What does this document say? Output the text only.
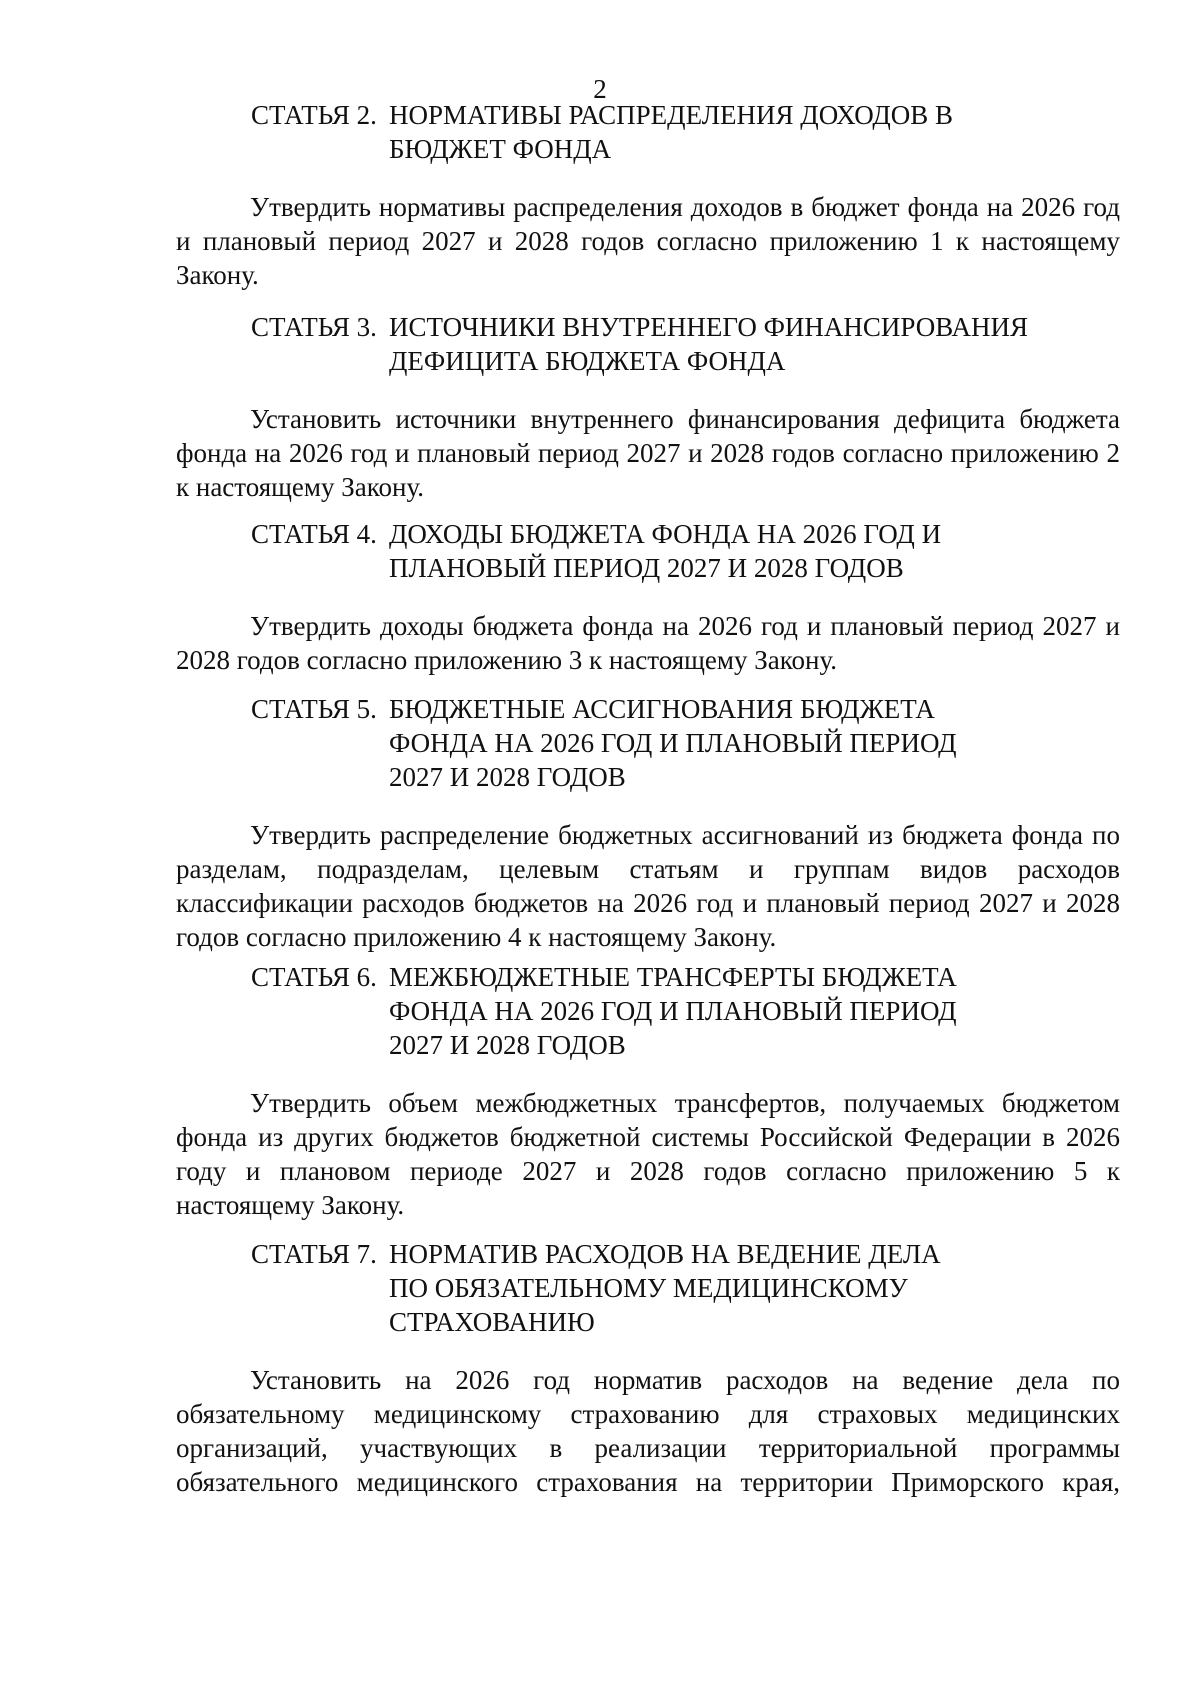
2
СТАТЬЯ 2. НОРМАТИВЫ РАСПРЕДЕЛЕНИЯ ДОХОДОВ В
БЮДЖЕТ ФОНДА

Утвердить нормативы распределения доходов в бюджет фонда на 2026 год и плановый период 2027 и 2028 годов согласно приложению 1 к настоящему Закону.

СТАТЬЯ 3. ИСТОЧНИКИ ВНУТРЕННЕГО ФИНАНСИРОВАНИЯ
ДЕФИЦИТА БЮДЖЕТА ФОНДА

Установить источники внутреннего финансирования дефицита бюджета фонда на 2026 год и плановый период 2027 и 2028 годов согласно приложению 2 к настоящему Закону.

СТАТЬЯ 4. ДОХОДЫ БЮДЖЕТА ФОНДА НА 2026 ГОД И
ПЛАНОВЫЙ ПЕРИОД 2027 И 2028 ГОДОВ

Утвердить доходы бюджета фонда на 2026 год и плановый период 2027 и 2028 годов согласно приложению 3 к настоящему Закону.

СТАТЬЯ 5. БЮДЖЕТНЫЕ АССИГНОВАНИЯ БЮДЖЕТА
ФОНДА НА 2026 ГОД И ПЛАНОВЫЙ ПЕРИОД
2027 И 2028 ГОДОВ

Утвердить распределение бюджетных ассигнований из бюджета фонда по разделам, подразделам, целевым статьям и группам видов расходов классификации расходов бюджетов на 2026 год и плановый период 2027 и 2028 годов согласно приложению 4 к настоящему Закону.

СТАТЬЯ 6. МЕЖБЮДЖЕТНЫЕ ТРАНСФЕРТЫ БЮДЖЕТА
ФОНДА НА 2026 ГОД И ПЛАНОВЫЙ ПЕРИОД
2027 И 2028 ГОДОВ

Утвердить объем межбюджетных трансфертов, получаемых бюджетом фонда из других бюджетов бюджетной системы Российской Федерации в 2026 году и плановом периоде 2027 и 2028 годов согласно приложению 5 к настоящему Закону.

СТАТЬЯ 7. НОРМАТИВ РАСХОДОВ НА ВЕДЕНИЕ ДЕЛА
ПО ОБЯЗАТЕЛЬНОМУ МЕДИЦИНСКОМУ
СТРАХОВАНИЮ

Установить на 2026 год норматив расходов на ведение дела по обязательному медицинскому страхованию для страховых медицинских организаций, участвующих в реализации территориальной программы обязательного медицинского страхования на территории Приморского края,
